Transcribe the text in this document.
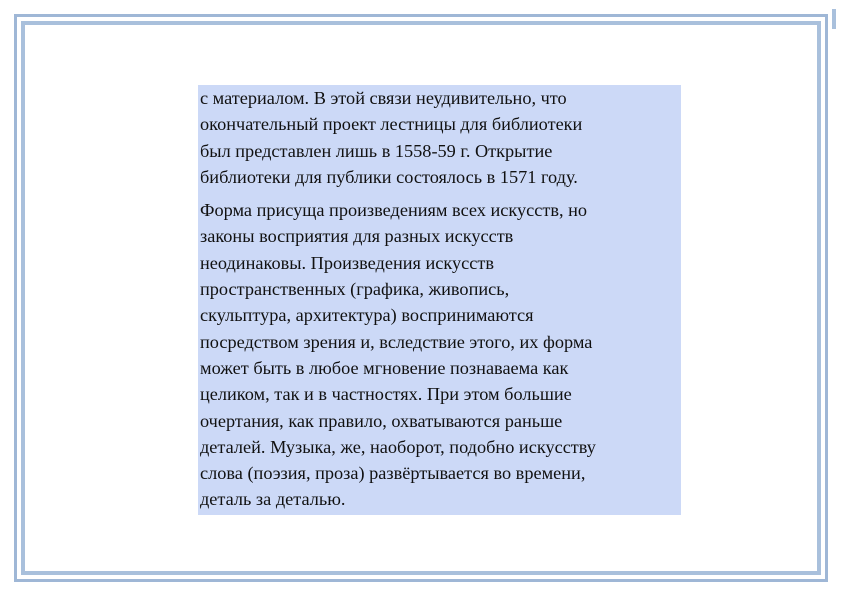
с материалом. В этой связи неудивительно, что
окончательный проект лестницы для библиотеки
был представлен лишь в 1558-59 г. Открытие
библиотеки для публики состоялось в 1571 году.

Форма присуща произведениям всех искусств, но
законы восприятия для разных искусств
неодинаковы. Произведения искусств
пространственных (графика, живопись,
скульптура, архитектура) воспринимаются
посредством зрения и, вследствие этого, их форма
может быть в любое мгновение познаваема как
целиком, так и в частностях. При этом большие
очертания, как правило, охватываются раньше
деталей. Музыка, же, наоборот, подобно искусству
слова (поэзия, проза) развёртывается во времени,
деталь за деталью.
